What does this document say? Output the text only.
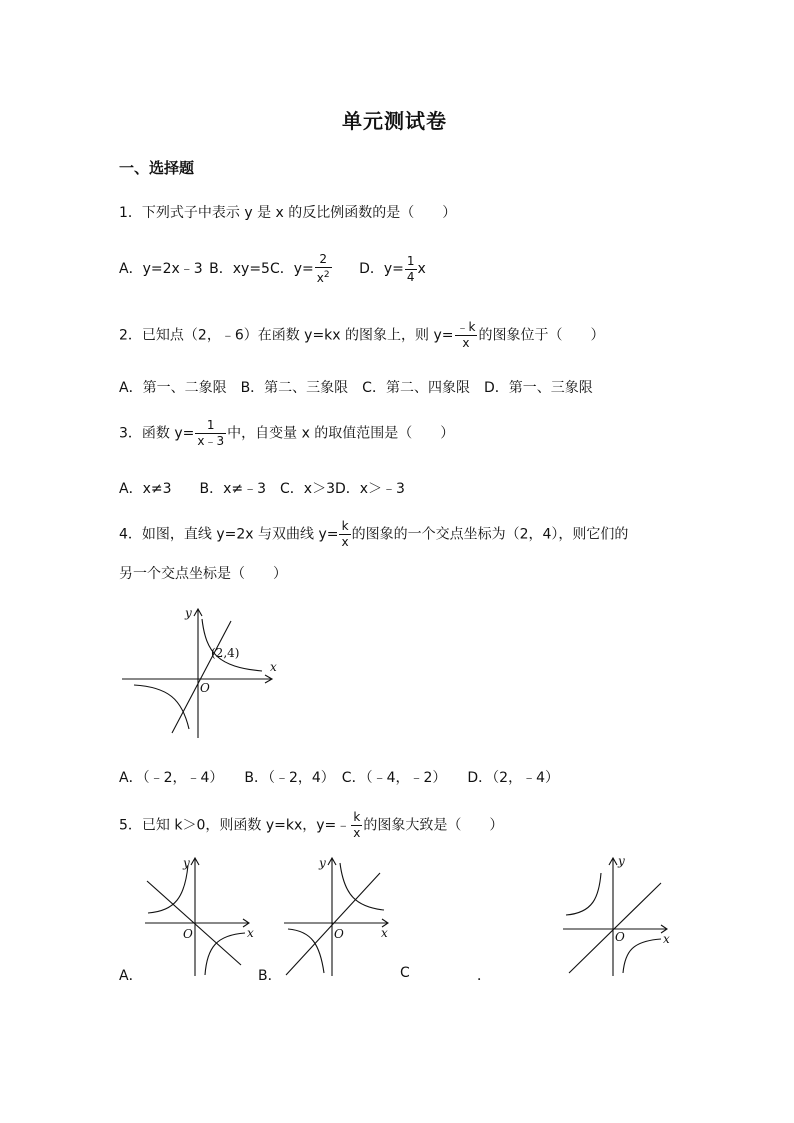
单元测试卷
一、选择题
1．下列式子中表示 y 是 x 的反比例函数的是（　　）
A．y=2x﹣3 B．xy=5C．$y= \frac{2}{x^2}$ D．$y= \frac{1}{4}$ x
2．已知点（2，﹣6）在函数 y=kx 的图象上，则 $y= \frac{﹣k}{x}$ 的图象位于（　　）
A．第一、二象限　B．第二、三象限　C．第二、四象限　D．第一、三象限
3．函数 $y= \frac{1}{x﹣3}$ 中，自变量 x 的取值范围是（　　）
A．x≠3　　B．x≠﹣3　C．x＞3D．x＞﹣3
4．如图，直线 y=2x 与双曲线 $y= \frac{k}{x}$ 的图象的一个交点坐标为（2，4），则它们的
另一个交点坐标是（　　）
y
x
O
(2,4)
A．（﹣2，﹣4）　　B．（﹣2，4）　C．（﹣4，﹣2）　　D．（2，﹣4）
5．已知 k＞0，则函数 y=kx，y=﹣ $\frac{k}{x}$ 的图象大致是（　　）
y
x
O
A．
y
x
O
B．	C	．
y
x
O
